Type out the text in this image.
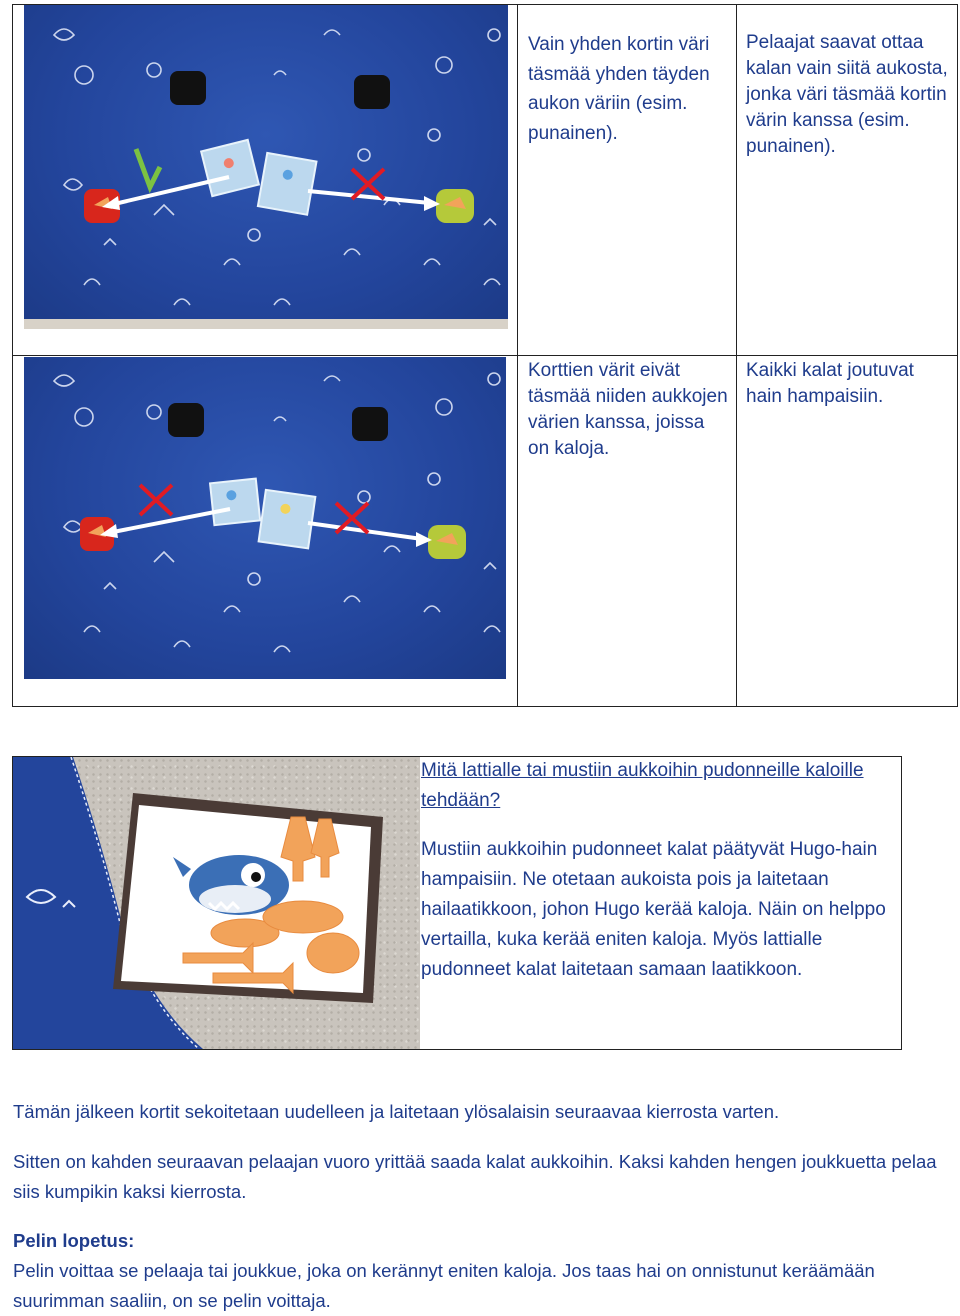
Vain yhden kortin väri täsmää yhden täyden aukon väriin (esim. punainen).
Pelaajat saavat ottaa kalan vain siitä aukosta, jonka väri täsmää kortin värin kanssa (esim. punainen).
Korttien värit eivät täsmää niiden aukkojen värien kanssa, joissa on kaloja.
Kaikki kalat joutuvat hain hampaisiin.
Mitä lattialle tai mustiin aukkoihin pudonneille kaloille tehdään?
Mustiin aukkoihin pudonneet kalat päätyvät Hugo-hain hampaisiin. Ne otetaan aukoista pois ja laitetaan hailaatikkoon, johon Hugo kerää kaloja. Näin on helppo vertailla, kuka kerää eniten kaloja. Myös lattialle pudonneet kalat laitetaan samaan laatikkoon.
Tämän jälkeen kortit sekoitetaan uudelleen ja laitetaan ylösalaisin seuraavaa kierrosta varten.
Sitten on kahden seuraavan pelaajan vuoro yrittää saada kalat aukkoihin. Kaksi kahden hengen joukkuetta pelaa siis kumpikin kaksi kierrosta.
Pelin lopetus:
Pelin voittaa se pelaaja tai joukkue, joka on kerännyt eniten kaloja. Jos taas hai on onnistunut keräämään suurimman saaliin, on se pelin voittaja.
